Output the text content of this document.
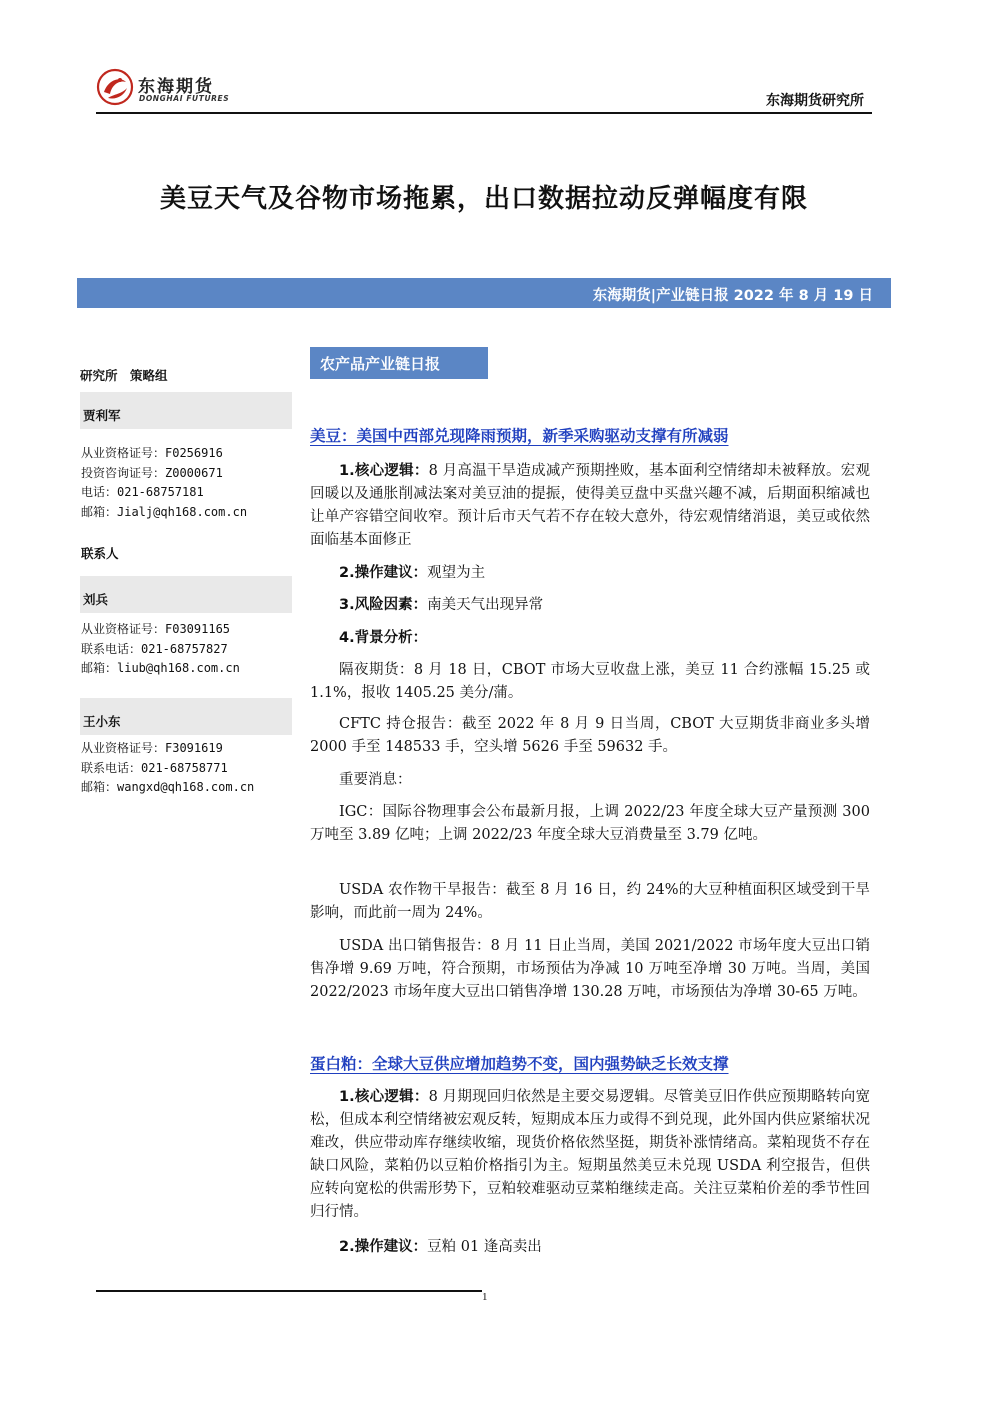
东海期货
DONGHAI FUTURES	东海期货研究所
美豆天气及谷物市场拖累，出口数据拉动反弹幅度有限
东海期货|产业链日报 2022 年 8 月 19 日
研究所　策略组
贾利军
从业资格证号：F0256916
投资咨询证号：Z0000671
电话：021-68757181
邮箱：Jialj@qh168.com.cn
联系人
刘兵
从业资格证号：F03091165
联系电话：021-68757827
邮箱：liub@qh168.com.cn
王小东
从业资格证号：F3091619
联系电话：021-68758771
邮箱：wangxd@qh168.com.cn
农产品产业链日报
美豆：美国中西部兑现降雨预期，新季采购驱动支撑有所减弱
1.核心逻辑：8 月高温干旱造成减产预期挫败，基本面利空情绪却未被释放。宏观回暖以及通胀削减法案对美豆油的提振，使得美豆盘中买盘兴趣不减，后期面积缩减也让单产容错空间收窄。预计后市天气若不存在较大意外，待宏观情绪消退，美豆或依然面临基本面修正
2.操作建议：观望为主
3.风险因素：南美天气出现异常
4.背景分析：
隔夜期货：8 月 18 日，CBOT 市场大豆收盘上涨，美豆 11 合约涨幅 15.25 或 1.1%，报收 1405.25 美分/蒲。
CFTC 持仓报告：截至 2022 年 8 月 9 日当周，CBOT 大豆期货非商业多头增 2000 手至 148533 手，空头增 5626 手至 59632 手。
重要消息：
IGC：国际谷物理事会公布最新月报，上调 2022/23 年度全球大豆产量预测 300 万吨至 3.89 亿吨；上调 2022/23 年度全球大豆消费量至 3.79 亿吨。
USDA 农作物干旱报告：截至 8 月 16 日，约 24%的大豆种植面积区域受到干旱影响，而此前一周为 24%。
USDA 出口销售报告：8 月 11 日止当周，美国 2021/2022 市场年度大豆出口销售净增 9.69 万吨，符合预期，市场预估为净减 10 万吨至净增 30 万吨。当周，美国 2022/2023 市场年度大豆出口销售净增 130.28 万吨，市场预估为净增 30-65 万吨。
蛋白粕：全球大豆供应增加趋势不变，国内强势缺乏长效支撑
1.核心逻辑：8 月期现回归依然是主要交易逻辑。尽管美豆旧作供应预期略转向宽松，但成本利空情绪被宏观反转，短期成本压力或得不到兑现，此外国内供应紧缩状况难改，供应带动库存继续收缩，现货价格依然坚挺，期货补涨情绪高。菜粕现货不存在缺口风险，菜粕仍以豆粕价格指引为主。短期虽然美豆未兑现 USDA 利空报告，但供应转向宽松的供需形势下，豆粕较难驱动豆菜粕继续走高。关注豆菜粕价差的季节性回归行情。
2.操作建议：豆粕 01 逢高卖出
1
